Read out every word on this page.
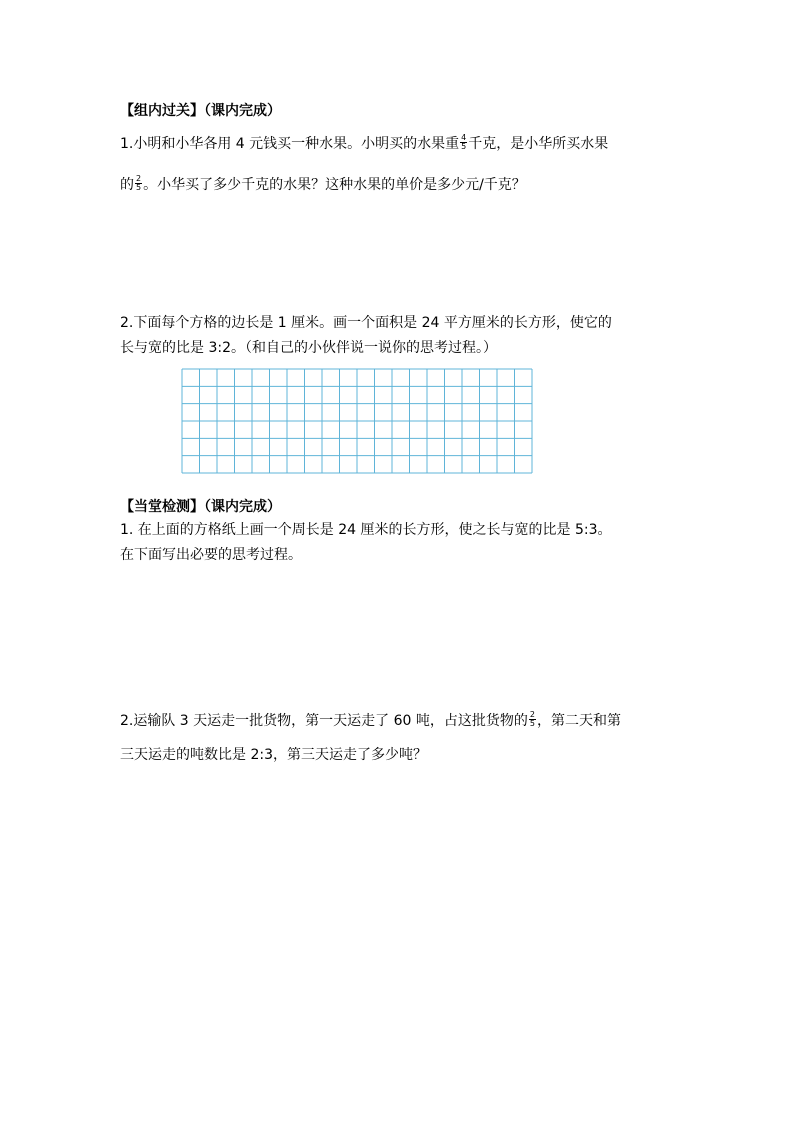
【组内过关】（课内完成）
1.小明和小华各用 4 元钱买一种水果。小明买的水果重 $\frac{4}{5}$ 千克，是小华所买水果
的 $\frac{2}{5}$ 。小华买了多少千克的水果？这种水果的单价是多少元/千克？
2.下面每个方格的边长是 1 厘米。画一个面积是 24 平方厘米的长方形，使它的
长与宽的比是 3:2。（和自己的小伙伴说一说你的思考过程。）
【当堂检测】（课内完成）
1. 在上面的方格纸上画一个周长是 24 厘米的长方形，使之长与宽的比是 5:3。
在下面写出必要的思考过程。
2.运输队 3 天运走一批货物，第一天运走了 60 吨，占这批货物的 $\frac{2}{5}$ ，第二天和第
三天运走的吨数比是 2:3，第三天运走了多少吨？
